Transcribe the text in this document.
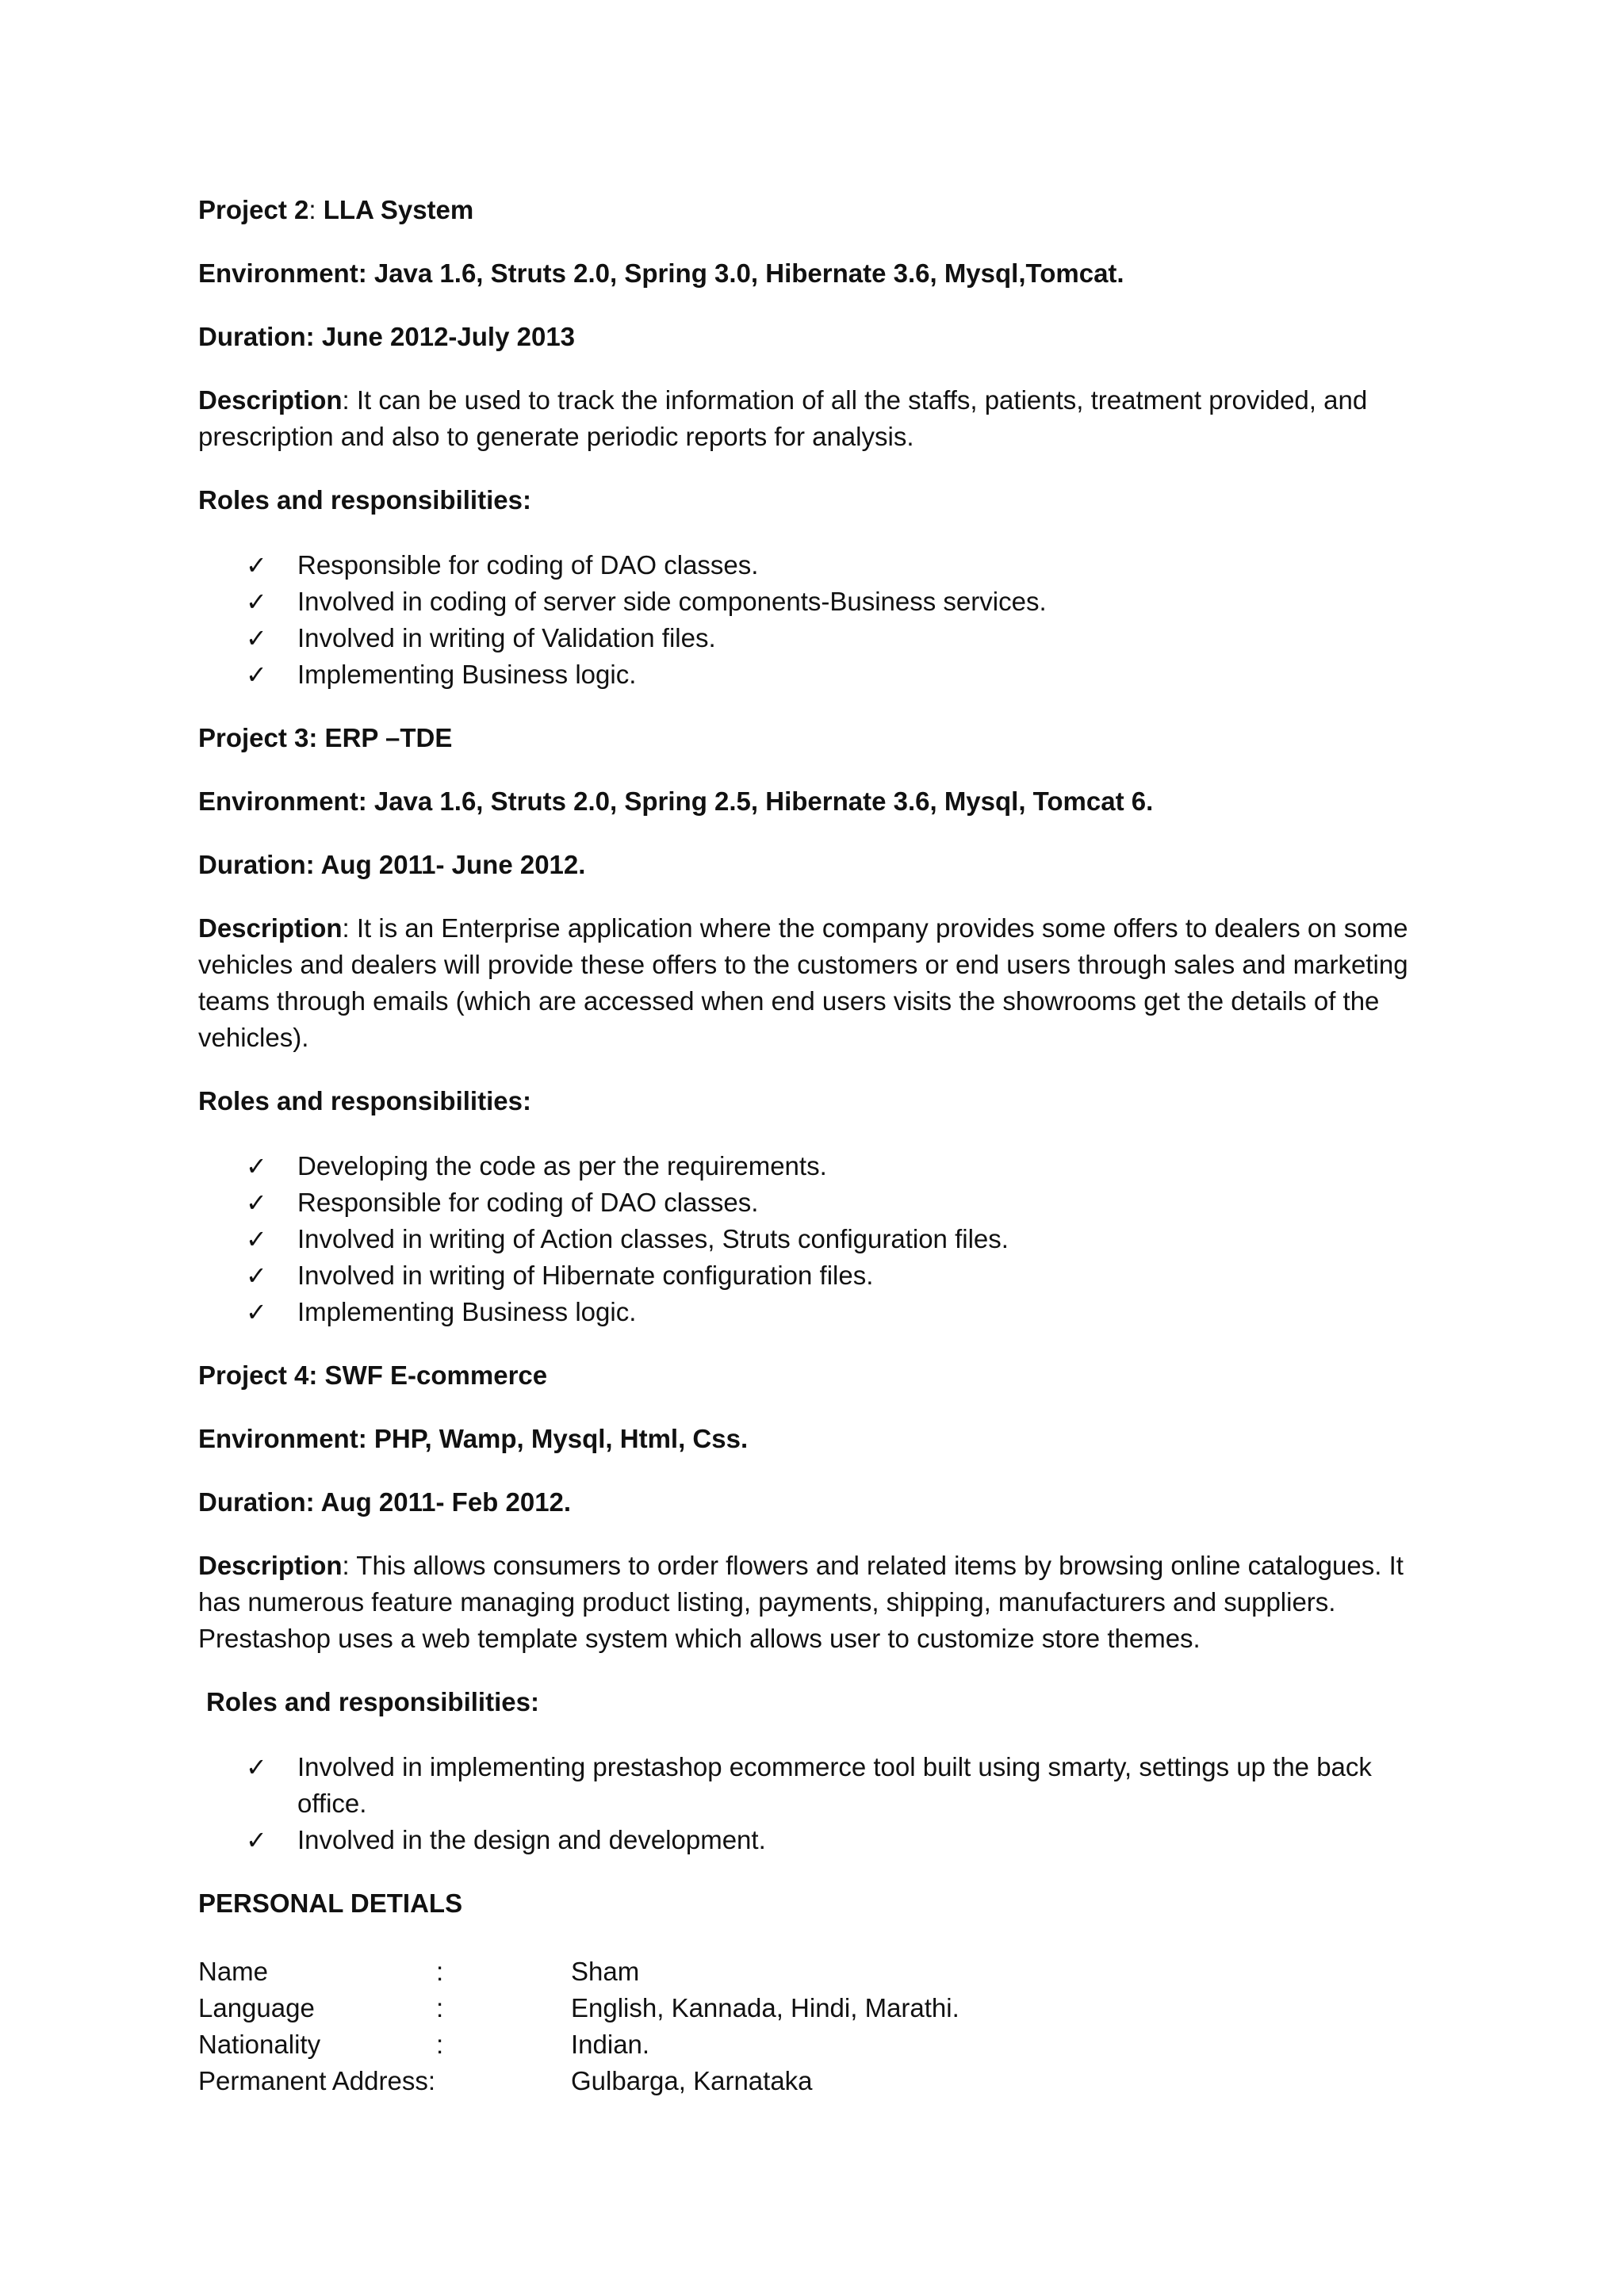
Project 2: LLA System

Environment: Java 1.6, Struts 2.0, Spring 3.0, Hibernate 3.6, Mysql,Tomcat.

Duration: June 2012-July 2013

Description: It can be used to track the information of all the staffs, patients, treatment provided, and prescription and also to generate periodic reports for analysis.

Roles and responsibilities:

✓ Responsible for coding of DAO classes.
✓ Involved in coding of server side components-Business services.
✓ Involved in writing of Validation files.
✓ Implementing Business logic.

Project 3: ERP –TDE

Environment: Java 1.6, Struts 2.0, Spring 2.5, Hibernate 3.6, Mysql, Tomcat 6.

Duration: Aug 2011- June 2012.

Description: It is an Enterprise application where the company provides some offers to dealers on some vehicles and dealers will provide these offers to the customers or end users through sales and marketing teams through emails (which are accessed when end users visits the showrooms get the details of the vehicles).

Roles and responsibilities:

✓ Developing the code as per the requirements.
✓ Responsible for coding of DAO classes.
✓ Involved in writing of Action classes, Struts configuration files.
✓ Involved in writing of Hibernate configuration files.
✓ Implementing Business logic.

Project 4: SWF E-commerce

Environment: PHP, Wamp, Mysql, Html, Css.

Duration: Aug 2011- Feb 2012.

Description: This allows consumers to order flowers and related items by browsing online catalogues. It has numerous feature managing product listing, payments, shipping, manufacturers and suppliers. Prestashop uses a web template system which allows user to customize store themes.

Roles and responsibilities:

✓ Involved in implementing prestashop ecommerce tool built using smarty, settings up the back office.
✓ Involved in the design and development.

PERSONAL DETIALS

Name	:	Sham
Language	:	English, Kannada, Hindi, Marathi.
Nationality	:	Indian.
Permanent Address:		Gulbarga, Karnataka
